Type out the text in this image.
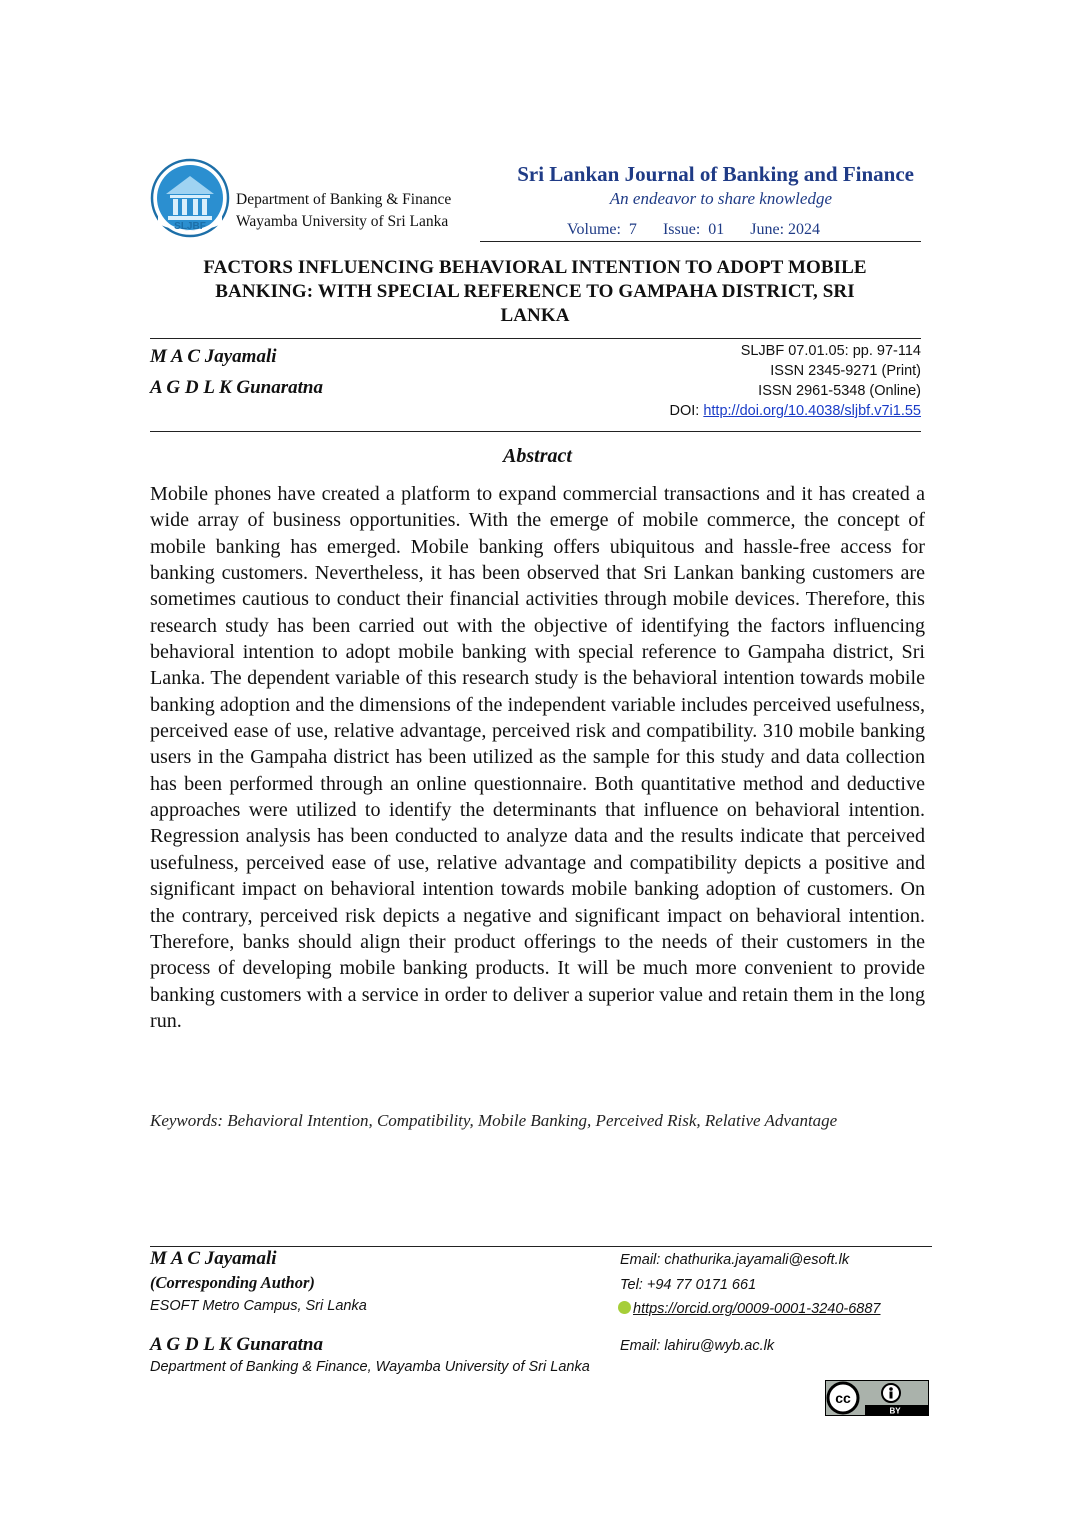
SLJBF
Department of Banking & Finance
Wayamba University of Sri Lanka
Sri Lankan Journal of Banking and Finance
An endeavor to share knowledge
Volume:  7 Issue:  01 June: 2024
FACTORS INFLUENCING BEHAVIORAL INTENTION TO ADOPT MOBILE
BANKING: WITH SPECIAL REFERENCE TO GAMPAHA DISTRICT, SRI
LANKA
M A C Jayamali
A G D L K Gunaratna
SLJBF 07.01.05: pp. 97-114
ISSN 2345-9271 (Print)
ISSN 2961-5348 (Online)
DOI: http://doi.org/10.4038/sljbf.v7i1.55
Abstract
Mobile phones have created a platform to expand commercial transactions and it has created a wide array of business opportunities. With the emerge of mobile commerce, the concept of mobile banking has emerged. Mobile banking offers ubiquitous and hassle-free access for banking customers. Nevertheless, it has been observed that Sri Lankan banking customers are sometimes cautious to conduct their financial activities through mobile devices. Therefore, this research study has been carried out with the objective of identifying the factors influencing behavioral intention to adopt mobile banking with special reference to Gampaha district, Sri Lanka. The dependent variable of this research study is the behavioral intention towards mobile banking adoption and the dimensions of the independent variable includes perceived usefulness, perceived ease of use, relative advantage, perceived risk and compatibility. 310 mobile banking users in the Gampaha district has been utilized as the sample for this study and data collection has been performed through an online questionnaire. Both quantitative method and deductive approaches were utilized to identify the determinants that influence on behavioral intention. Regression analysis has been conducted to analyze data and the results indicate that perceived usefulness, perceived ease of use, relative advantage and compatibility depicts a positive and significant impact on behavioral intention towards mobile banking adoption of customers. On the contrary, perceived risk depicts a negative and significant impact on behavioral intention. Therefore, banks should align their product offerings to the needs of their customers in the process of developing mobile banking products. It will be much more convenient to provide banking customers with a service in order to deliver a superior value and retain them in the long run.
Keywords: Behavioral Intention, Compatibility, Mobile Banking, Perceived Risk, Relative Advantage
M A C Jayamali
(Corresponding Author)
ESOFT Metro Campus, Sri Lanka
Email: chathurika.jayamali@esoft.lk
Tel: +94 77 0171 661
https://orcid.org/0009-0001-3240-6887
A G D L K Gunaratna
Department of Banking & Finance, Wayamba University of Sri Lanka
Email: lahiru@wyb.ac.lk
cc
BY
